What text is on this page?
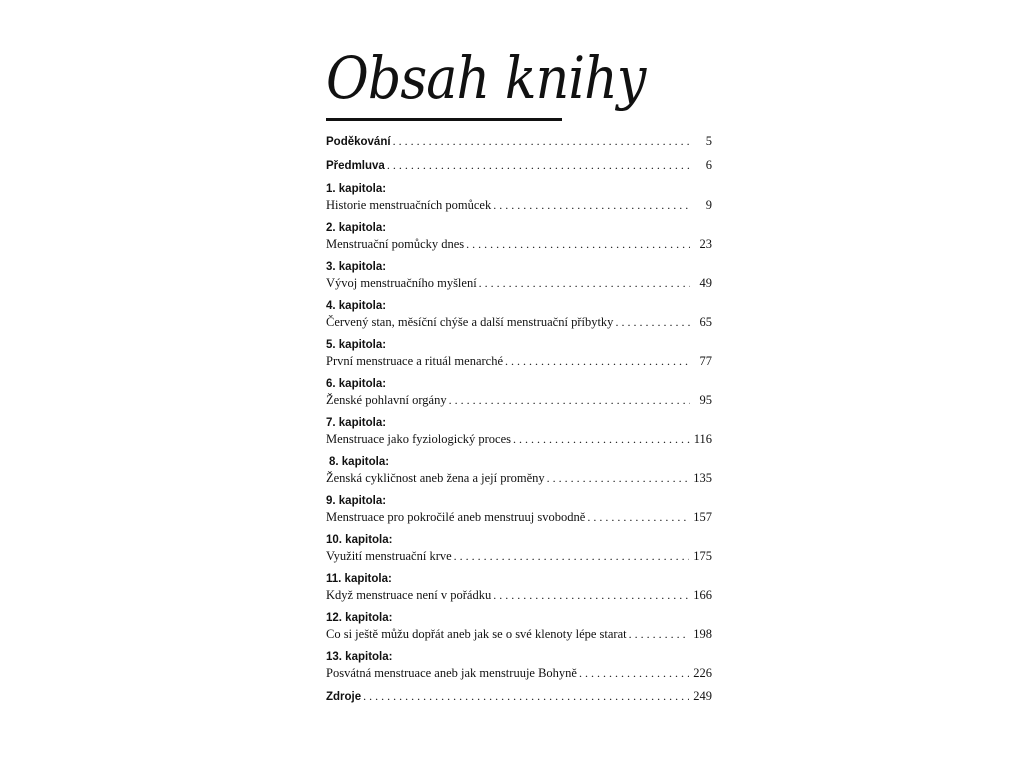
Obsah knihy
Poděkování . . .	5
Předmluva . . .	6
1. kapitola:
Historie menstruačních pomůcek . . .	9
2. kapitola:
Menstruační pomůcky dnes . . .	23
3. kapitola:
Vývoj menstruačního myšlení . . .	49
4. kapitola:
Červený stan, měsíční chýše a další menstruační příbytky . . .	65
5. kapitola:
První menstruace a rituál menarché . . .	77
6. kapitola:
Ženské pohlavní orgány . . .	95
7. kapitola:
Menstruace jako fyziologický proces . . .	116
8. kapitola:
Ženská cykličnost aneb žena a její proměny . . .	135
9. kapitola:
Menstruace pro pokročilé aneb menstruuj svobodně . . .	157
10. kapitola:
Využití menstruační krve . . .	175
11. kapitola:
Když menstruace není v pořádku . . .	166
12. kapitola:
Co si ještě můžu dopřát aneb jak se o své klenoty lépe starat . . .	198
13. kapitola:
Posvátná menstruace aneb jak menstruuje Bohyně . . .	226
Zdroje . . .	249
